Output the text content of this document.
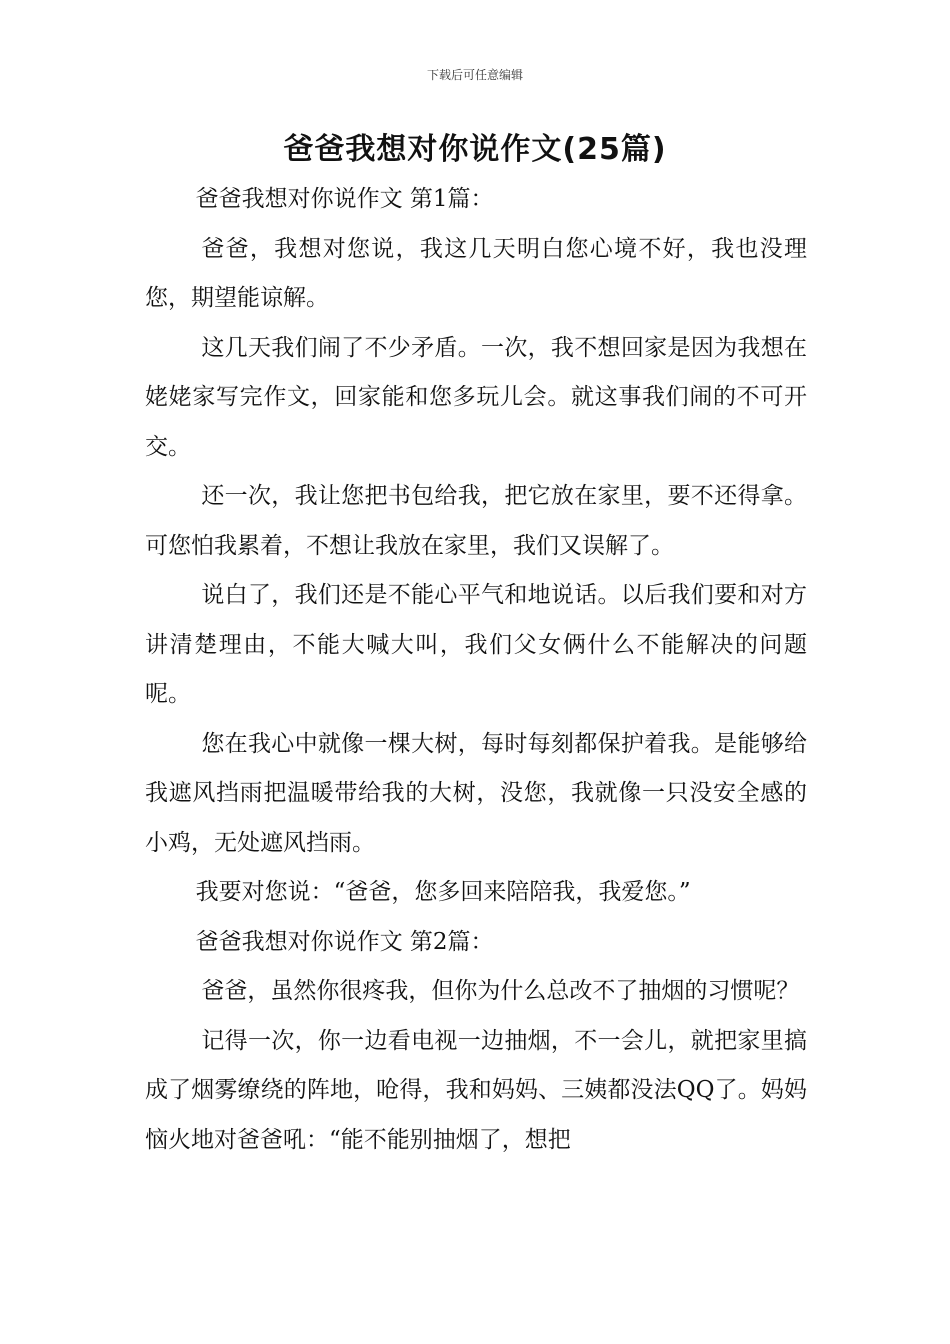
下载后可任意编辑
爸爸我想对你说作文(25篇)

爸爸我想对你说作文 第1篇：

爸爸，我想对您说，我这几天明白您心境不好，我也没理您，期望能谅解。

这几天我们闹了不少矛盾。一次，我不想回家是因为我想在姥姥家写完作文，回家能和您多玩儿会。就这事我们闹的不可开交。

还一次，我让您把书包给我，把它放在家里，要不还得拿。可您怕我累着，不想让我放在家里，我们又误解了。

说白了，我们还是不能心平气和地说话。以后我们要和对方讲清楚理由，不能大喊大叫，我们父女俩什么不能解决的问题呢。

您在我心中就像一棵大树，每时每刻都保护着我。是能够给我遮风挡雨把温暖带给我的大树，没您，我就像一只没安全感的小鸡，无处遮风挡雨。

我要对您说：“爸爸，您多回来陪陪我，我爱您。”

爸爸我想对你说作文 第2篇：

爸爸，虽然你很疼我，但你为什么总改不了抽烟的习惯呢？

记得一次，你一边看电视一边抽烟，不一会儿，就把家里搞成了烟雾缭绕的阵地，呛得，我和妈妈、三姨都没法QQ了。妈妈恼火地对爸爸吼：“能不能别抽烟了，想把
